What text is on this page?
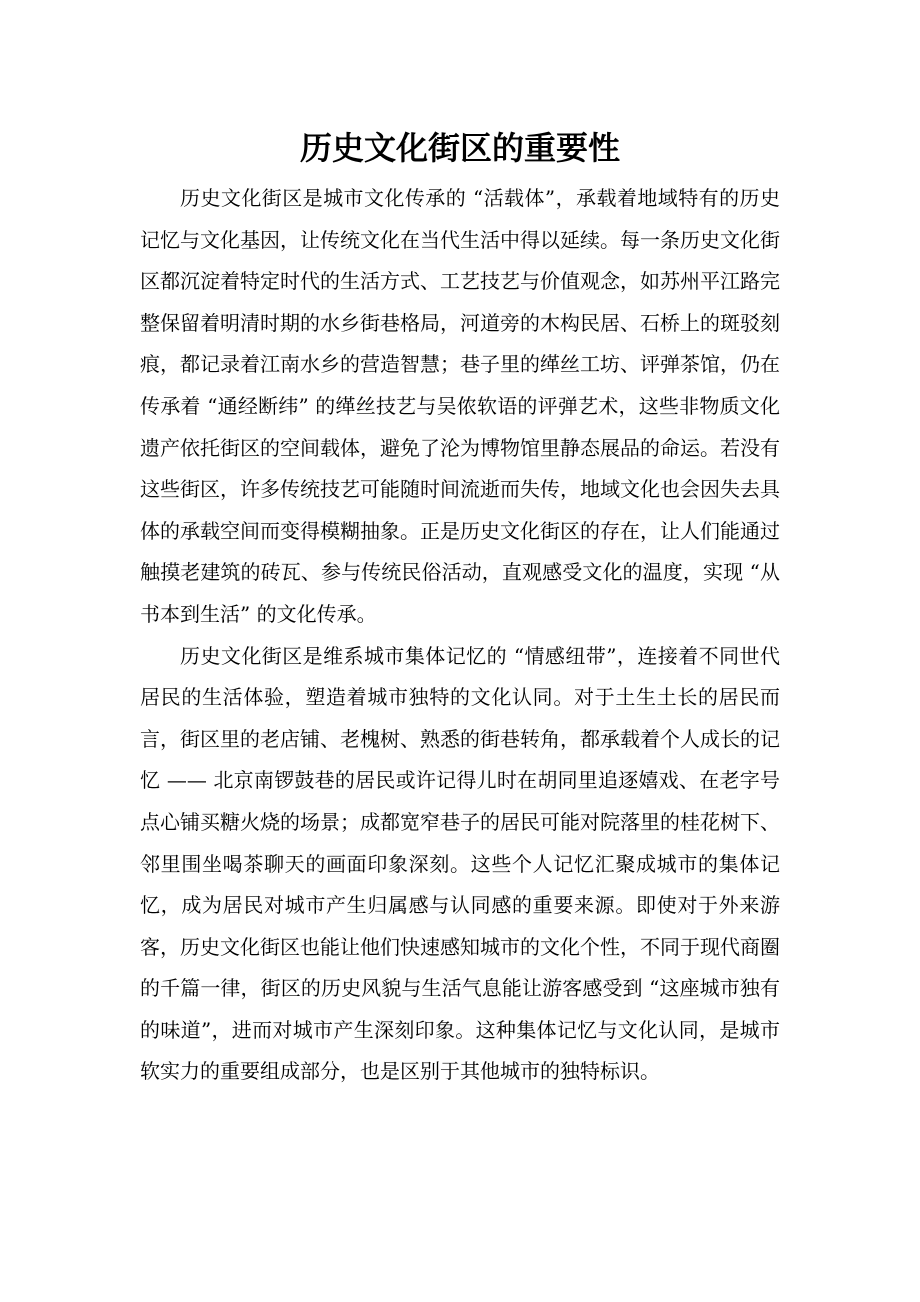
历史文化街区的重要性

历史文化街区是城市文化传承的 “活载体”，承载着地域特有的历史记忆与文化基因，让传统文化在当代生活中得以延续。每一条历史文化街区都沉淀着特定时代的生活方式、工艺技艺与价值观念，如苏州平江路完整保留着明清时期的水乡街巷格局，河道旁的木构民居、石桥上的斑驳刻痕，都记录着江南水乡的营造智慧；巷子里的缂丝工坊、评弹茶馆，仍在传承着 “通经断纬” 的缂丝技艺与吴侬软语的评弹艺术，这些非物质文化遗产依托街区的空间载体，避免了沦为博物馆里静态展品的命运。若没有这些街区，许多传统技艺可能随时间流逝而失传，地域文化也会因失去具体的承载空间而变得模糊抽象。正是历史文化街区的存在，让人们能通过触摸老建筑的砖瓦、参与传统民俗活动，直观感受文化的温度，实现 “从书本到生活” 的文化传承。

历史文化街区是维系城市集体记忆的 “情感纽带”，连接着不同世代居民的生活体验，塑造着城市独特的文化认同。对于土生土长的居民而言，街区里的老店铺、老槐树、熟悉的街巷转角，都承载着个人成长的记忆 —— 北京南锣鼓巷的居民或许记得儿时在胡同里追逐嬉戏、在老字号点心铺买糖火烧的场景；成都宽窄巷子的居民可能对院落里的桂花树下、邻里围坐喝茶聊天的画面印象深刻。这些个人记忆汇聚成城市的集体记忆，成为居民对城市产生归属感与认同感的重要来源。即使对于外来游客，历史文化街区也能让他们快速感知城市的文化个性，不同于现代商圈的千篇一律，街区的历史风貌与生活气息能让游客感受到 “这座城市独有的味道”，进而对城市产生深刻印象。这种集体记忆与文化认同，是城市软实力的重要组成部分，也是区别于其他城市的独特标识。
